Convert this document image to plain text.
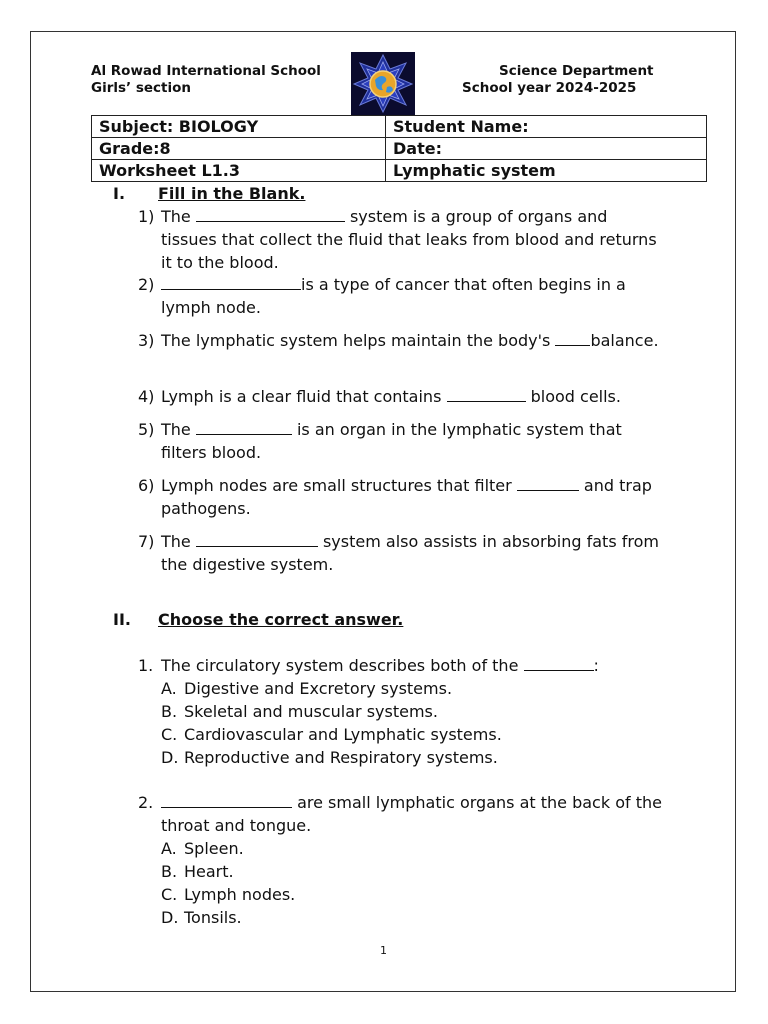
Al Rowad International School
Girls’ section
Science Department
School year 2024-2025
Subject: BIOLOGY	Student Name:
Grade:8	Date:
Worksheet L1.3	Lymphatic system
I. Fill in the Blank.
1) The	system is a group of organs and tissues that collect the fluid that leaks from blood and returns it to the blood.
2)	is a type of cancer that often begins in a lymph node.
3) The lymphatic system helps maintain the body's	balance.
4) Lymph is a clear fluid that contains	blood cells.
5) The	is an organ in the lymphatic system that filters blood.
6) Lymph nodes are small structures that filter	and trap pathogens.
7) The	system also assists in absorbing fats from the digestive system.
II. Choose the correct answer.
1. The circulatory system describes both of the	:
A. Digestive and Excretory systems.
B. Skeletal and muscular systems.
C. Cardiovascular and Lymphatic systems.
D. Reproductive and Respiratory systems.
2.	are small lymphatic organs at the back of the throat and tongue.
A. Spleen.
B. Heart.
C. Lymph nodes.
D. Tonsils.
1
